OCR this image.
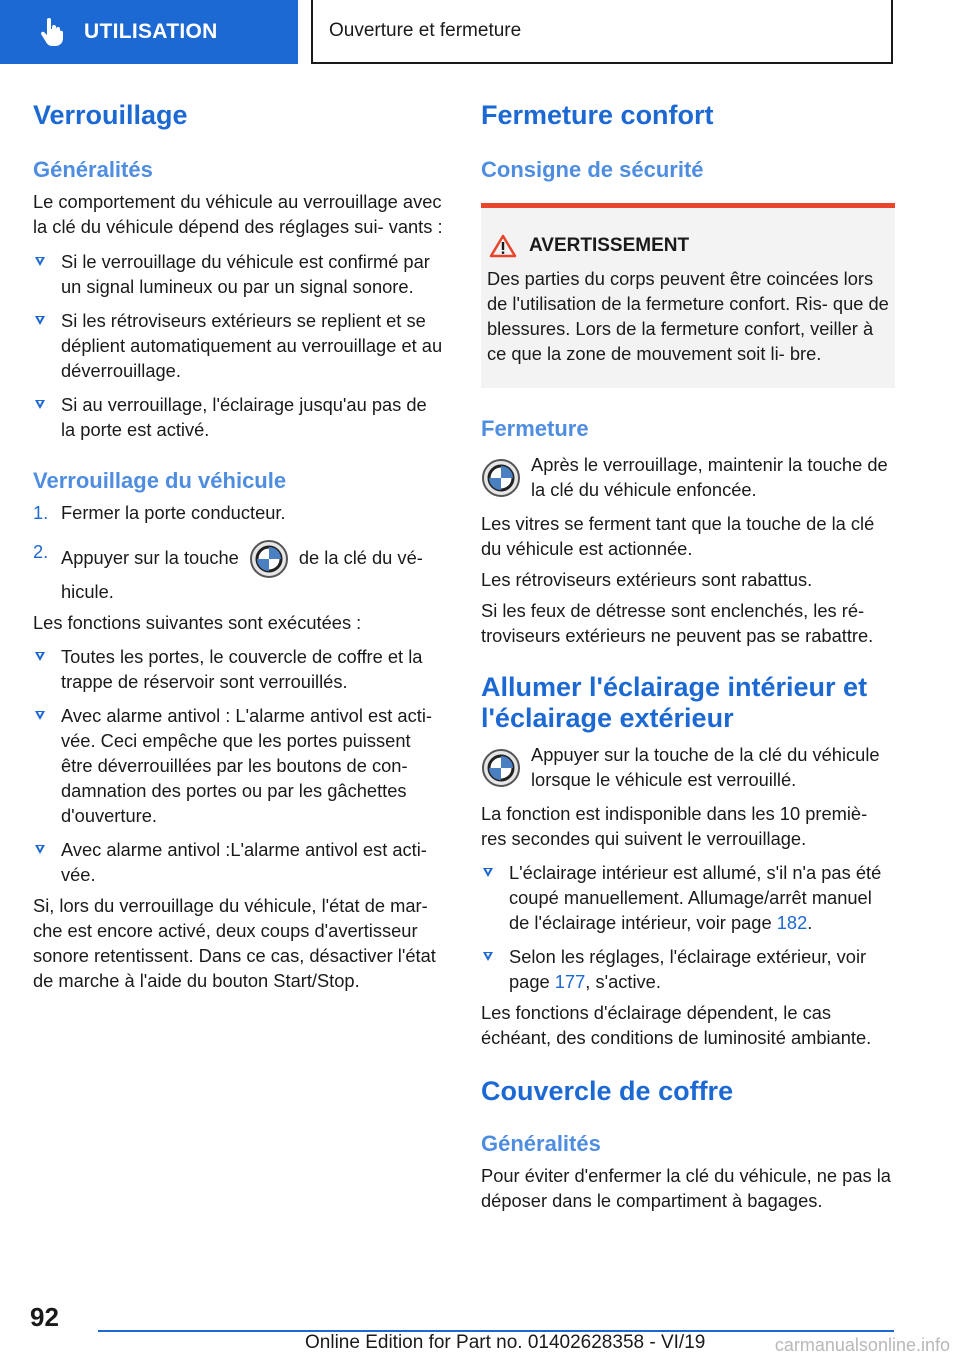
UTILISATION	Ouverture et fermeture
Verrouillage
Généralités

Le comportement du véhicule au verrouillage avec la clé du véhicule dépend des réglages sui- vants :

Si le verrouillage du véhicule est confirmé par un signal lumineux ou par un signal sonore.
Si les rétroviseurs extérieurs se replient et se déplient automatiquement au verrouillage et au déverrouillage.
Si au verrouillage, l'éclairage jusqu'au pas de la porte est activé.
Verrouillage du véhicule
1. Fermer la porte conducteur.
2. Appuyer sur la touche	de la clé du vé- hicule.

Les fonctions suivantes sont exécutées :

Toutes les portes, le couvercle de coffre et la trappe de réservoir sont verrouillés.
Avec alarme antivol : L'alarme antivol est acti- vée. Ceci empêche que les portes puissent être déverrouillées par les boutons de con- damnation des portes ou par les gâchettes d'ouverture.
Avec alarme antivol :L'alarme antivol est acti- vée.

Si, lors du verrouillage du véhicule, l'état de mar- che est encore activé, deux coups d'avertisseur sonore retentissent. Dans ce cas, désactiver l'état de marche à l'aide du bouton Start/Stop.

Fermeture confort
Consigne de sécurité
AVERTISSEMENT

Des parties du corps peuvent être coincées lors de l'utilisation de la fermeture confort. Ris- que de blessures. Lors de la fermeture confort, veiller à ce que la zone de mouvement soit li- bre.

Fermeture

Après le verrouillage, maintenir la touche de la clé du véhicule enfoncée.

Les vitres se ferment tant que la touche de la clé du véhicule est actionnée.

Les rétroviseurs extérieurs sont rabattus.

Si les feux de détresse sont enclenchés, les ré- troviseurs extérieurs ne peuvent pas se rabattre.

Allumer l'éclairage intérieur et l'éclairage extérieur

Appuyer sur la touche de la clé du véhicule lorsque le véhicule est verrouillé.

La fonction est indisponible dans les 10 premiè- res secondes qui suivent le verrouillage.

L'éclairage intérieur est allumé, s'il n'a pas été coupé manuellement. Allumage/arrêt manuel de l'éclairage intérieur, voir page 182.
Selon les réglages, l'éclairage extérieur, voir page 177, s'active.

Les fonctions d'éclairage dépendent, le cas échéant, des conditions de luminosité ambiante.

Couvercle de coffre
Généralités

Pour éviter d'enfermer la clé du véhicule, ne pas la déposer dans le compartiment à bagages.

92
Online Edition for Part no. 01402628358 - VI/19	carmanualsonline.info
